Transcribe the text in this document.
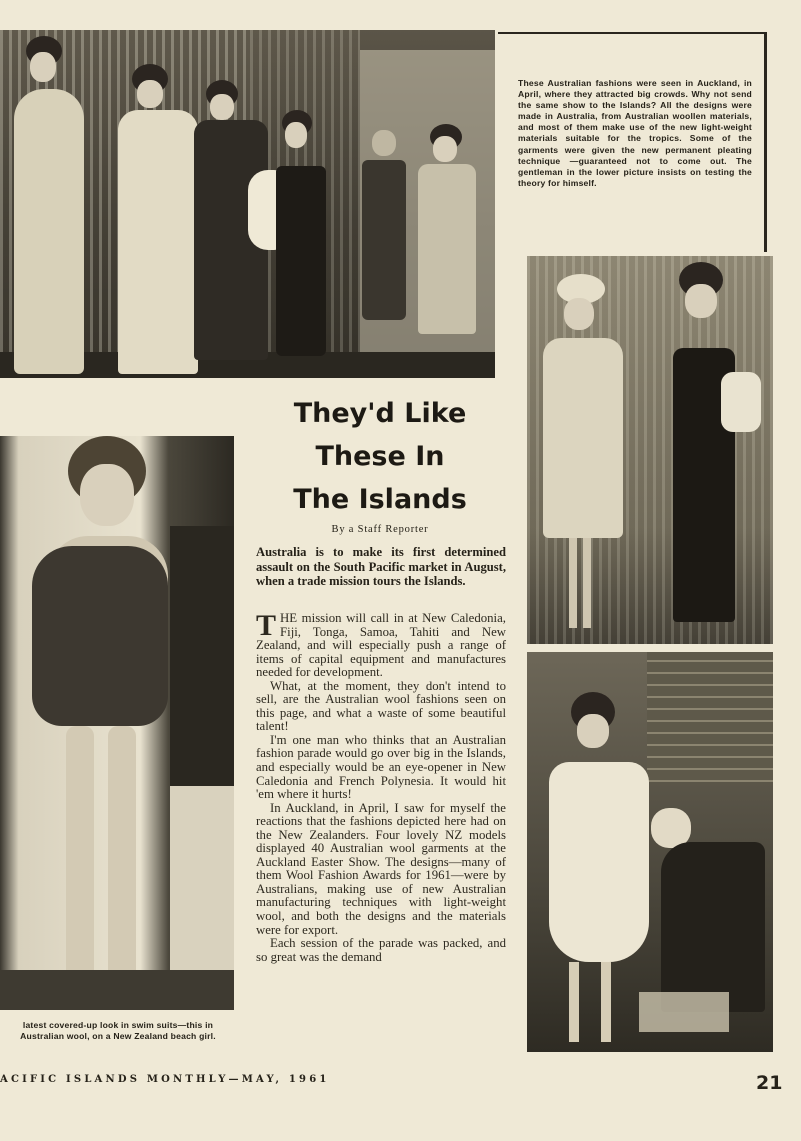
These Australian fashions were seen in Auckland, in April, where they attracted big crowds. Why not send the same show to the Islands? All the designs were made in Australia, from Australian woollen materials, and most of them make use of the new light-weight materials suitable for the tropics. Some of the garments were given the new permanent pleating technique —guaranteed not to come out. The gentleman in the lower picture insists on testing the theory for himself.
They'd Like
These In
The Islands
By a Staff Reporter
Australia is to make its first determined assault on the South Pacific market in August, when a trade mission tours the Islands.

THE mission will call in at New Caledonia, Fiji, Tonga, Samoa, Tahiti and New Zealand, and will especially push a range of items of capital equipment and manufactures needed for development.

What, at the moment, they don't intend to sell, are the Australian wool fashions seen on this page, and what a waste of some beautiful talent!

I'm one man who thinks that an Australian fashion parade would go over big in the Islands, and especially would be an eye-opener in New Caledonia and French Polynesia. It would hit 'em where it hurts!

In Auckland, in April, I saw for myself the reactions that the fashions depicted here had on the New Zealanders. Four lovely NZ models displayed 40 Australian wool garments at the Auckland Easter Show. The designs—many of them Wool Fashion Awards for 1961—were by Australians, making use of new Australian manufacturing techniques with light-weight wool, and both the designs and the materials were for export.

Each session of the parade was packed, and so great was the demand

latest covered-up look in swim suits—this in Australian wool, on a New Zealand beach girl.
ACIFIC ISLANDS MONTHLY—MAY, 1961	21
